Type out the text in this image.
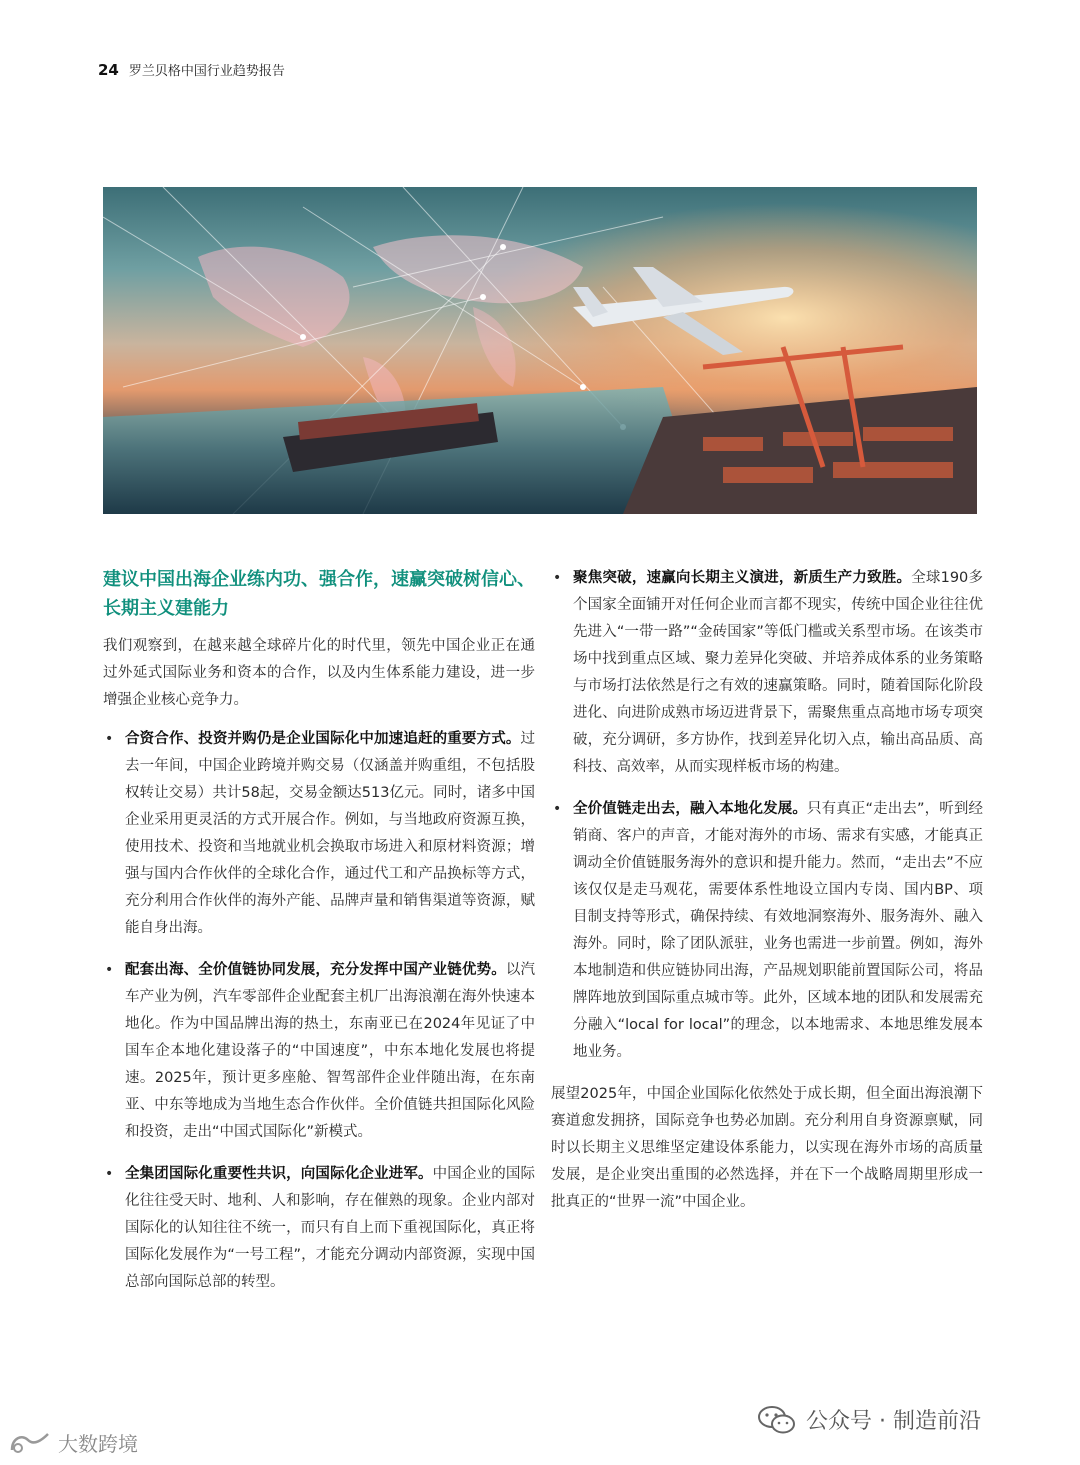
24 罗兰贝格中国行业趋势报告
建议中国出海企业练内功、强合作，速赢突破树信心、长期主义建能力

我们观察到，在越来越全球碎片化的时代里，领先中国企业正在通过外延式国际业务和资本的合作，以及内生体系能力建设，进一步增强企业核心竞争力。

• 合资合作、投资并购仍是企业国际化中加速追赶的重要方式。过去一年间，中国企业跨境并购交易（仅涵盖并购重组，不包括股权转让交易）共计58起，交易金额达513亿元。同时，诸多中国企业采用更灵活的方式开展合作。例如，与当地政府资源互换，使用技术、投资和当地就业机会换取市场进入和原材料资源；增强与国内合作伙伴的全球化合作，通过代工和产品换标等方式，充分利用合作伙伴的海外产能、品牌声量和销售渠道等资源，赋能自身出海。
• 配套出海、全价值链协同发展，充分发挥中国产业链优势。以汽车产业为例，汽车零部件企业配套主机厂出海浪潮在海外快速本地化。作为中国品牌出海的热土，东南亚已在2024年见证了中国车企本地化建设落子的“中国速度”，中东本地化发展也将提速。2025年，预计更多座舱、智驾部件企业伴随出海，在东南亚、中东等地成为当地生态合作伙伴。全价值链共担国际化风险和投资，走出“中国式国际化”新模式。
• 全集团国际化重要性共识，向国际化企业进军。中国企业的国际化往往受天时、地利、人和影响，存在催熟的现象。企业内部对国际化的认知往往不统一，而只有自上而下重视国际化，真正将国际化发展作为“一号工程”，才能充分调动内部资源，实现中国总部向国际总部的转型。
• 聚焦突破，速赢向长期主义演进，新质生产力致胜。全球190多个国家全面铺开对任何企业而言都不现实，传统中国企业往往优先进入“一带一路”“金砖国家”等低门槛或关系型市场。在该类市场中找到重点区域、聚力差异化突破、并培养成体系的业务策略与市场打法依然是行之有效的速赢策略。同时，随着国际化阶段进化、向进阶成熟市场迈进背景下，需聚焦重点高地市场专项突破，充分调研，多方协作，找到差异化切入点，输出高品质、高科技、高效率，从而实现样板市场的构建。
• 全价值链走出去，融入本地化发展。只有真正“走出去”，听到经销商、客户的声音，才能对海外的市场、需求有实感，才能真正调动全价值链服务海外的意识和提升能力。然而，“走出去”不应该仅仅是走马观花，需要体系性地设立国内专岗、国内BP、项目制支持等形式，确保持续、有效地洞察海外、服务海外、融入海外。同时，除了团队派驻，业务也需进一步前置。例如，海外本地制造和供应链协同出海，产品规划职能前置国际公司，将品牌阵地放到国际重点城市等。此外，区域本地的团队和发展需充分融入“local for local”的理念，以本地需求、本地思维发展本地业务。

展望2025年，中国企业国际化依然处于成长期，但全面出海浪潮下赛道愈发拥挤，国际竞争也势必加剧。充分利用自身资源禀赋，同时以长期主义思维坚定建设体系能力，以实现在海外市场的高质量发展，是企业突出重围的必然选择，并在下一个战略周期里形成一批真正的“世界一流”中国企业。

公众号 · 制造前沿
大数跨境
